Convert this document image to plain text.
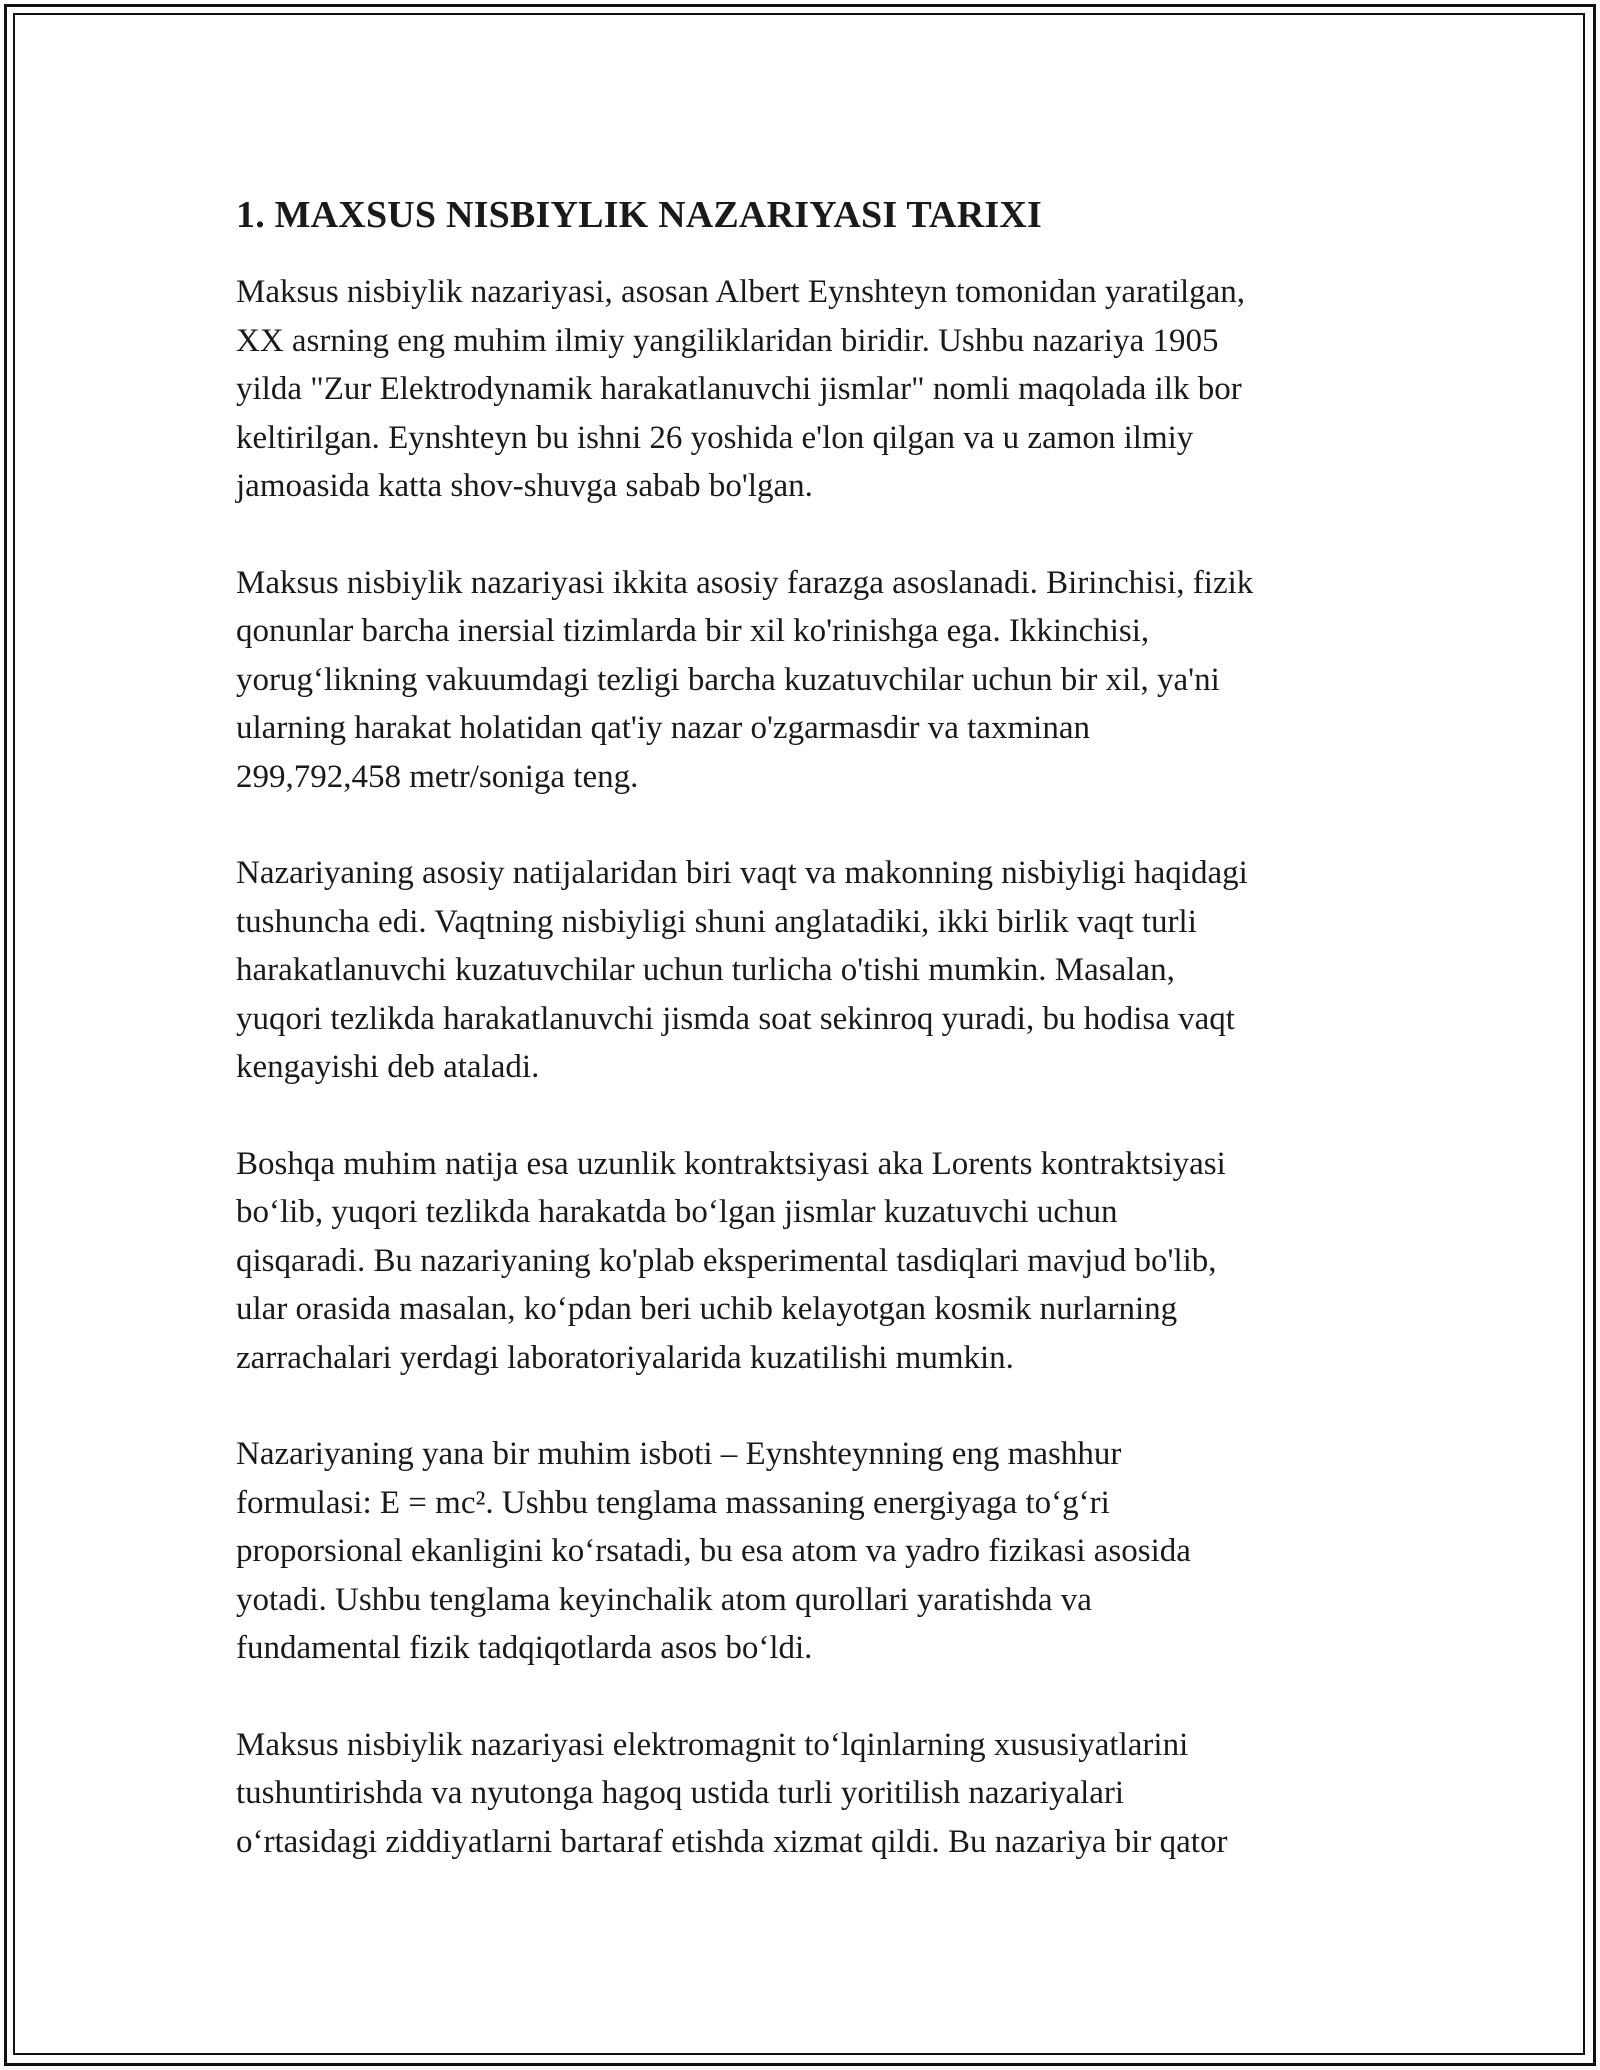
1. MAXSUS NISBIYLIK NAZARIYASI TARIXI

Maksus nisbiylik nazariyasi, asosan Albert Eynshteyn tomonidan yaratilgan,
XX asrning eng muhim ilmiy yangiliklaridan biridir. Ushbu nazariya 1905
yilda "Zur Elektrodynamik harakatlanuvchi jismlar" nomli maqolada ilk bor
keltirilgan. Eynshteyn bu ishni 26 yoshida e'lon qilgan va u zamon ilmiy
jamoasida katta shov-shuvga sabab bo'lgan.

Maksus nisbiylik nazariyasi ikkita asosiy farazga asoslanadi. Birinchisi, fizik
qonunlar barcha inersial tizimlarda bir xil ko'rinishga ega. Ikkinchisi,
yorug‘likning vakuumdagi tezligi barcha kuzatuvchilar uchun bir xil, ya'ni
ularning harakat holatidan qat'iy nazar o'zgarmasdir va taxminan
299,792,458 metr/soniga teng.

Nazariyaning asosiy natijalaridan biri vaqt va makonning nisbiyligi haqidagi
tushuncha edi. Vaqtning nisbiyligi shuni anglatadiki, ikki birlik vaqt turli
harakatlanuvchi kuzatuvchilar uchun turlicha o'tishi mumkin. Masalan,
yuqori tezlikda harakatlanuvchi jismda soat sekinroq yuradi, bu hodisa vaqt
kengayishi deb ataladi.

Boshqa muhim natija esa uzunlik kontraktsiyasi aka Lorents kontraktsiyasi
bo‘lib, yuqori tezlikda harakatda bo‘lgan jismlar kuzatuvchi uchun
qisqaradi. Bu nazariyaning ko'plab eksperimental tasdiqlari mavjud bo'lib,
ular orasida masalan, ko‘pdan beri uchib kelayotgan kosmik nurlarning
zarrachalari yerdagi laboratoriyalarida kuzatilishi mumkin.

Nazariyaning yana bir muhim isboti – Eynshteynning eng mashhur
formulasi: E = mc². Ushbu tenglama massaning energiyaga to‘g‘ri
proporsional ekanligini ko‘rsatadi, bu esa atom va yadro fizikasi asosida
yotadi. Ushbu tenglama keyinchalik atom qurollari yaratishda va
fundamental fizik tadqiqotlarda asos bo‘ldi.

Maksus nisbiylik nazariyasi elektromagnit to‘lqinlarning xususiyatlarini
tushuntirishda va nyutonga hagoq ustida turli yoritilish nazariyalari
o‘rtasidagi ziddiyatlarni bartaraf etishda xizmat qildi. Bu nazariya bir qator
